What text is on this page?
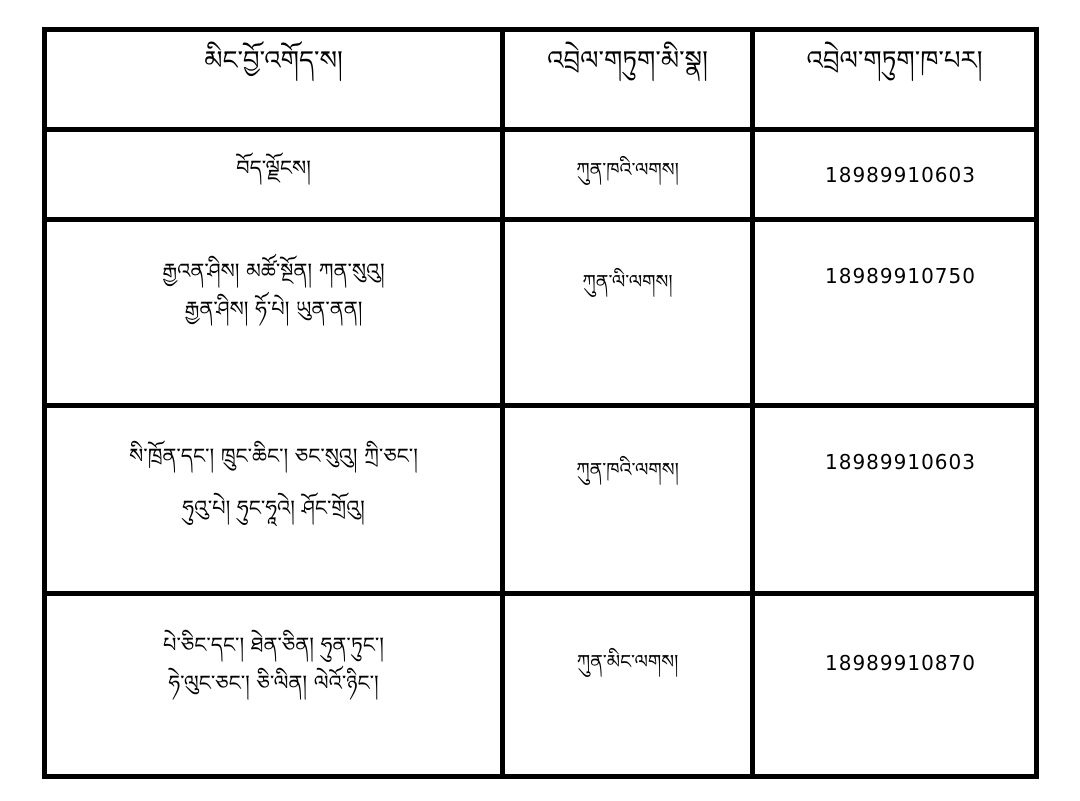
མིང་བྱོ་འགོད་ས།	འབྲེལ་གཏུག་མི་སྣ།	འབྲེལ་གཏུག་ཁ་པར།

བོད་ལྗོངས།	ཀུན་ཁའི་ལགས།	18989910603

རྒྱའན་ཤིས། མཚོ་སྔོན། ཀན་སུའུ།
རྒྱན་ཤིས། ཧོ་པེ། ཡུན་ནན།	ཀུན་ལི་ལགས།	18989910750

སི་ཁྲོན་དང་། ཁྲུང་ཆིང་། ཅང་སུའུ། ཀྲི་ཅང་།
ཧུའུ་པེ། ཧུང་ཧཱའེ། ཤོང་གྲོའུ།	ཀུན་ཁའི་ལགས།	18989910603

པེ་ཅིང་དང་། ཐེན་ཅིན། ཧུན་ཏུང་།
ཧེ་ལུང་ཅང་། ཅི་ལིན། ལེའོ་ཉིང་།	ཀུན་མིང་ལགས།	18989910870
